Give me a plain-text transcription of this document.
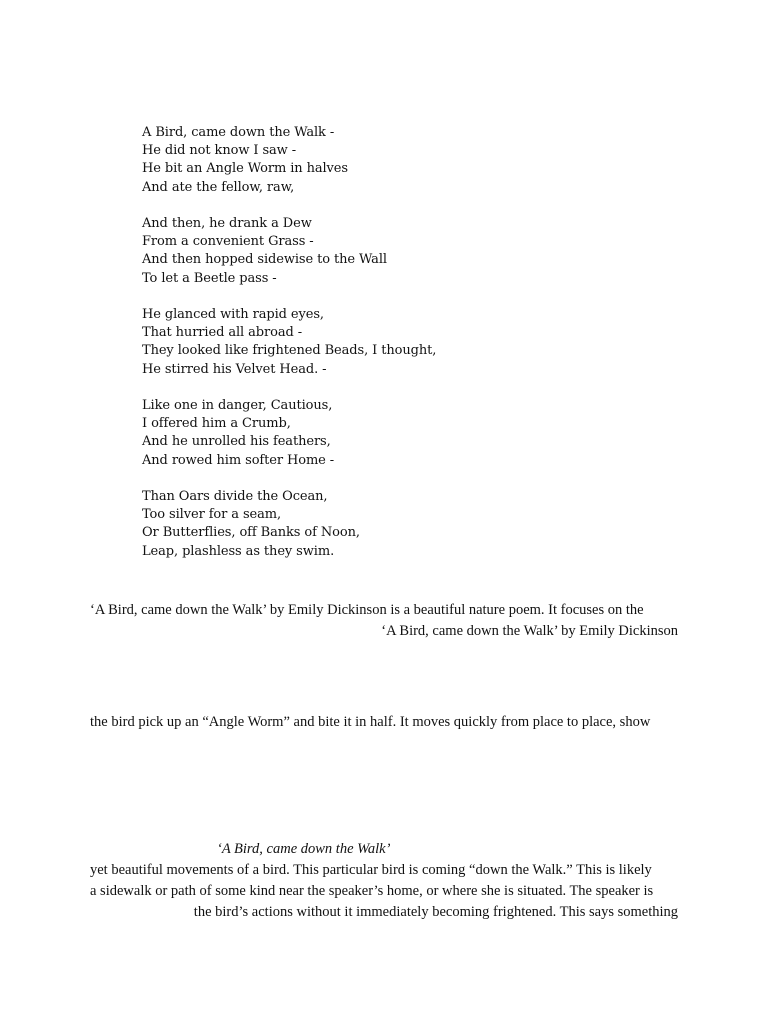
A Bird, came down the Walk -
He did not know I saw -
He bit an Angle Worm in halves
And ate the fellow, raw,
And then, he drank a Dew
From a convenient Grass -
And then hopped sidewise to the Wall
To let a Beetle pass -
He glanced with rapid eyes,
That hurried all abroad -
They looked like frightened Beads, I thought,
He stirred his Velvet Head. -
Like one in danger, Cautious,
I offered him a Crumb,
And he unrolled his feathers,
And rowed him softer Home -
Than Oars divide the Ocean,
Too silver for a seam,
Or Butterflies, off Banks of Noon,
Leap, plashless as they swim.
‘A Bird, came down the Walk’ by Emily Dickinson is a beautiful nature poem. It focuses on the
‘A Bird, came down the Walk’ by Emily Dickinson
the bird pick up an “Angle Worm” and bite it in half. It moves quickly from place to place, show
‘A Bird, came down the Walk’
yet beautiful movements of a bird. This particular bird is coming “down the Walk.” This is likely
a sidewalk or path of some kind near the speaker’s home, or where she is situated. The speaker is
the bird’s actions without it immediately becoming frightened. This says something
